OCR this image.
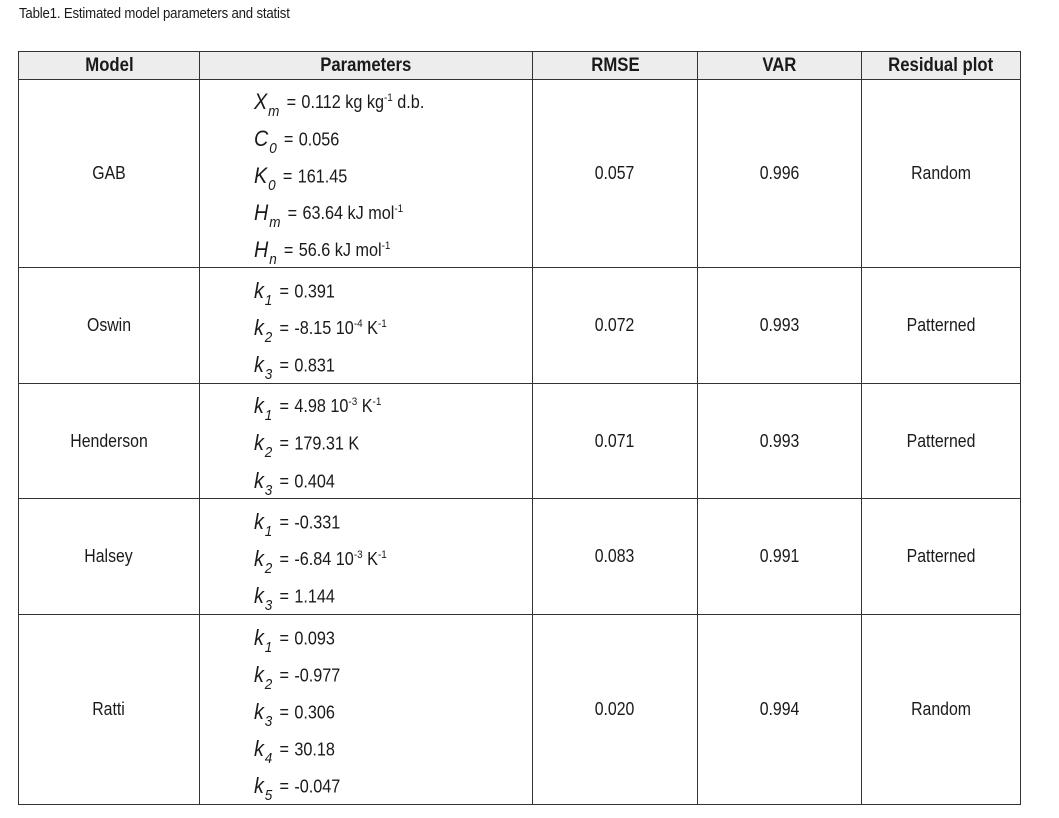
Table1. Estimated model parameters and statist
Model	Parameters	RMSE	VAR	Residual plot
GAB	$X_m = 0.112$ kg $kg^{-1}$ d.b.
$C_0 = 0.056$
$K_0 = 161.45$
$H_m = 63.64$ kJ mol$^{-1}$
$H_n = 56.6$ kJ mol$^{-1}$	0.057	0.996	Random
Oswin	$k_1 = 0.391$
$k_2 = -8.15$ $10^{-4}$ $K^{-1}$
$k_3 = 0.831$	0.072	0.993	Patterned
Henderson	$k_1 = 4.98$ $10^{-3}$ $K^{-1}$
$k_2 = 179.31$ K
$k_3 = 0.404$	0.071	0.993	Patterned
Halsey	$k_1 = -0.331$
$k_2 = -6.84$ $10^{-3}$ $K^{-1}$
$k_3 = 1.144$	0.083	0.991	Patterned
Ratti	$k_1 = 0.093$
$k_2 = -0.977$
$k_3 = 0.306$
$k_4 = 30.18$
$k_5 = -0.047$	0.020	0.994	Random
